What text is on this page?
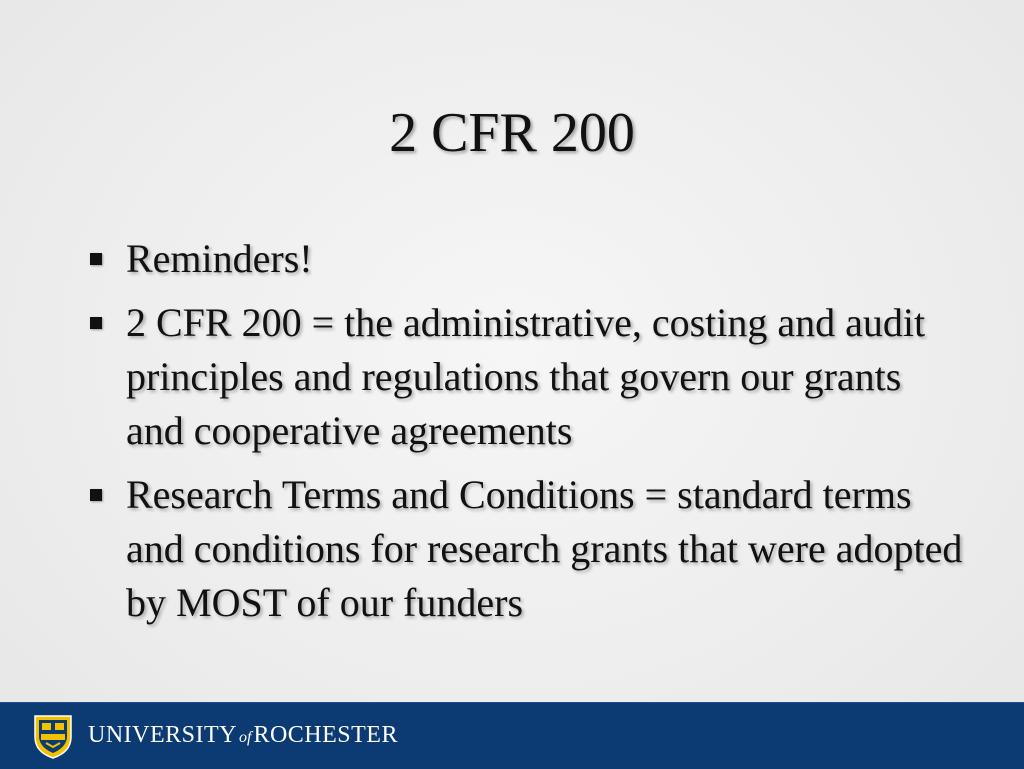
2 CFR 200
Reminders!
2 CFR 200 = the administrative, costing and audit principles and regulations that govern our grants and cooperative agreements
Research Terms and Conditions = standard terms and conditions for research grants that were adopted by MOST of our funders
UNIVERSITY ofROCHESTER
